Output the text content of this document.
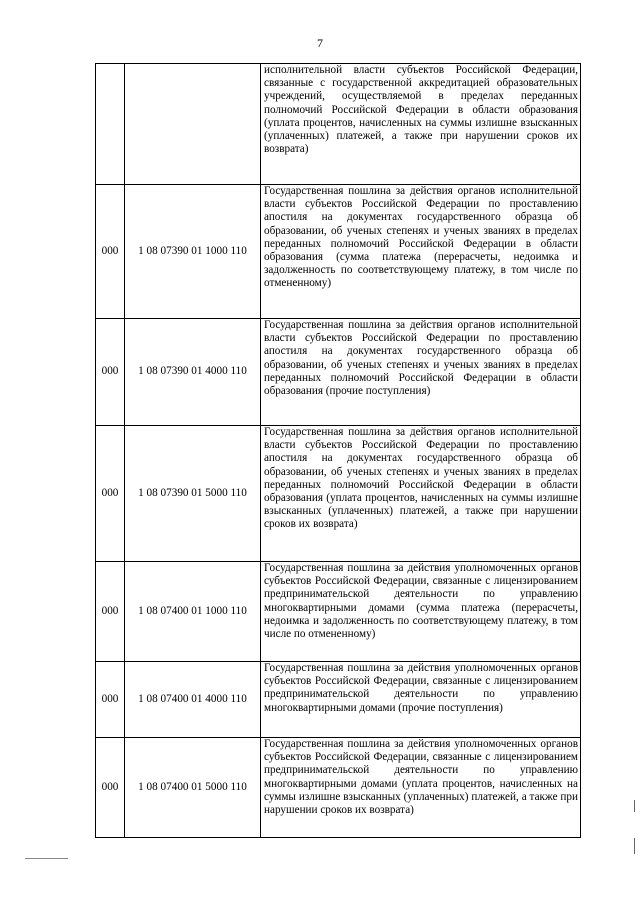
7
		исполнительной власти субъектов Российской Федерации, связанные с государственной аккредитацией образовательных учреждений, осуществляемой в пределах переданных полномочий Российской Федерации в области образования (уплата процентов, начисленных на суммы излишне взысканных (уплаченных) платежей, а также при нарушении сроков их возврата)
000	1 08 07390 01 1000 110	Государственная пошлина за действия органов исполнительной власти субъектов Российской Федерации по проставлению апостиля на документах государственного образца об образовании, об ученых степенях и ученых званиях в пределах переданных полномочий Российской Федерации в области образования (сумма платежа (перерасчеты, недоимка и задолженность по соответствующему платежу, в том числе по отмененному)
000	1 08 07390 01 4000 110	Государственная пошлина за действия органов исполнительной власти субъектов Российской Федерации по проставлению апостиля на документах государственного образца об образовании, об ученых степенях и ученых званиях в пределах переданных полномочий Российской Федерации в области образования (прочие поступления)
000	1 08 07390 01 5000 110	Государственная пошлина за действия органов исполнительной власти субъектов Российской Федерации по проставлению апостиля на документах государственного образца об образовании, об ученых степенях и ученых званиях в пределах переданных полномочий Российской Федерации в области образования (уплата процентов, начисленных на суммы излишне взысканных (уплаченных) платежей, а также при нарушении сроков их возврата)
000	1 08 07400 01 1000 110	Государственная пошлина за действия уполномоченных органов субъектов Российской Федерации, связанные с лицензированием предпринимательской деятельности по управлению многоквартирными домами (сумма платежа (перерасчеты, недоимка и задолженность по соответствующему платежу, в том числе по отмененному)
000	1 08 07400 01 4000 110	Государственная пошлина за действия уполномоченных органов субъектов Российской Федерации, связанные с лицензированием предпринимательской деятельности по управлению многоквартирными домами (прочие поступления)
000	1 08 07400 01 5000 110	Государственная пошлина за действия уполномоченных органов субъектов Российской Федерации, связанные с лицензированием предпринимательской деятельности по управлению многоквартирными домами (уплата процентов, начисленных на суммы излишне взысканных (уплаченных) платежей, а также при нарушении сроков их возврата)
